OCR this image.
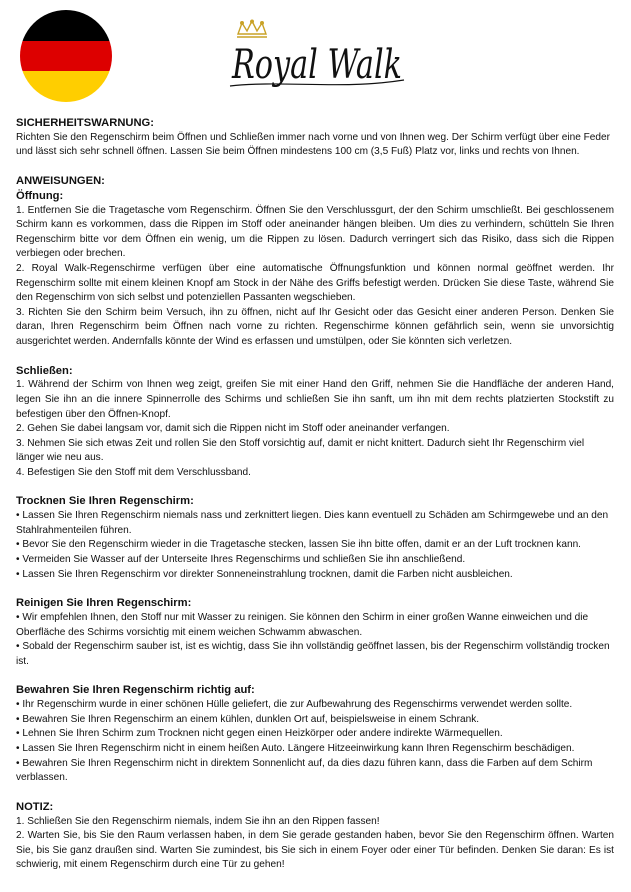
Royal Walk

SICHERHEITSWARNUNG:

Richten Sie den Regenschirm beim Öffnen und Schließen immer nach vorne und von Ihnen weg. Der Schirm verfügt über eine Feder und lässt sich sehr schnell öffnen. Lassen Sie beim Öffnen mindestens 100 cm (3,5 Fuß) Platz vor, links und rechts von Ihnen.

ANWEISUNGEN:

Öffnung:

1. Entfernen Sie die Tragetasche vom Regenschirm. Öffnen Sie den Verschlussgurt, der den Schirm umschließt. Bei geschlossenem Schirm kann es vorkommen, dass die Rippen im Stoff oder aneinander hängen bleiben. Um dies zu verhindern, schütteln Sie Ihren Regenschirm bitte vor dem Öffnen ein wenig, um die Rippen zu lösen. Dadurch verringert sich das Risiko, dass sich die Rippen verbiegen oder brechen.

2. Royal Walk-Regenschirme verfügen über eine automatische Öffnungsfunktion und können normal geöffnet werden. Ihr Regenschirm sollte mit einem kleinen Knopf am Stock in der Nähe des Griffs befestigt werden. Drücken Sie diese Taste, während Sie den Regenschirm von sich selbst und potenziellen Passanten wegschieben.

3. Richten Sie den Schirm beim Versuch, ihn zu öffnen, nicht auf Ihr Gesicht oder das Gesicht einer anderen Person. Denken Sie daran, Ihren Regenschirm beim Öffnen nach vorne zu richten. Regenschirme können gefährlich sein, wenn sie unvorsichtig ausgerichtet werden. Andernfalls könnte der Wind es erfassen und umstülpen, oder Sie könnten sich verletzen.

Schließen:

1. Während der Schirm von Ihnen weg zeigt, greifen Sie mit einer Hand den Griff, nehmen Sie die Handfläche der anderen Hand, legen Sie ihn an die innere Spinnerrolle des Schirms und schließen Sie ihn sanft, um ihn mit dem rechts platzierten Stockstift zu befestigen über den Öffnen-Knopf.

2. Gehen Sie dabei langsam vor, damit sich die Rippen nicht im Stoff oder aneinander verfangen.

3. Nehmen Sie sich etwas Zeit und rollen Sie den Stoff vorsichtig auf, damit er nicht knittert. Dadurch sieht Ihr Regenschirm viel länger wie neu aus.

4. Befestigen Sie den Stoff mit dem Verschlussband.

Trocknen Sie Ihren Regenschirm:

• Lassen Sie Ihren Regenschirm niemals nass und zerknittert liegen. Dies kann eventuell zu Schäden am Schirmgewebe und an den Stahlrahmenteilen führen.

• Bevor Sie den Regenschirm wieder in die Tragetasche stecken, lassen Sie ihn bitte offen, damit er an der Luft trocknen kann.

• Vermeiden Sie Wasser auf der Unterseite Ihres Regenschirms und schließen Sie ihn anschließend.

• Lassen Sie Ihren Regenschirm vor direkter Sonneneinstrahlung trocknen, damit die Farben nicht ausbleichen.

Reinigen Sie Ihren Regenschirm:

• Wir empfehlen Ihnen, den Stoff nur mit Wasser zu reinigen. Sie können den Schirm in einer großen Wanne einweichen und die Oberfläche des Schirms vorsichtig mit einem weichen Schwamm abwaschen.

• Sobald der Regenschirm sauber ist, ist es wichtig, dass Sie ihn vollständig geöffnet lassen, bis der Regenschirm vollständig trocken ist.

Bewahren Sie Ihren Regenschirm richtig auf:

• Ihr Regenschirm wurde in einer schönen Hülle geliefert, die zur Aufbewahrung des Regenschirms verwendet werden sollte.

• Bewahren Sie Ihren Regenschirm an einem kühlen, dunklen Ort auf, beispielsweise in einem Schrank.

• Lehnen Sie Ihren Schirm zum Trocknen nicht gegen einen Heizkörper oder andere indirekte Wärmequellen.

• Lassen Sie Ihren Regenschirm nicht in einem heißen Auto. Längere Hitzeeinwirkung kann Ihren Regenschirm beschädigen.

• Bewahren Sie Ihren Regenschirm nicht in direktem Sonnenlicht auf, da dies dazu führen kann, dass die Farben auf dem Schirm verblassen.

NOTIZ:

1. Schließen Sie den Regenschirm niemals, indem Sie ihn an den Rippen fassen!

2. Warten Sie, bis Sie den Raum verlassen haben, in dem Sie gerade gestanden haben, bevor Sie den Regenschirm öffnen. Warten Sie, bis Sie ganz draußen sind. Warten Sie zumindest, bis Sie sich in einem Foyer oder einer Tür befinden. Denken Sie daran: Es ist schwierig, mit einem Regenschirm durch eine Tür zu gehen!
